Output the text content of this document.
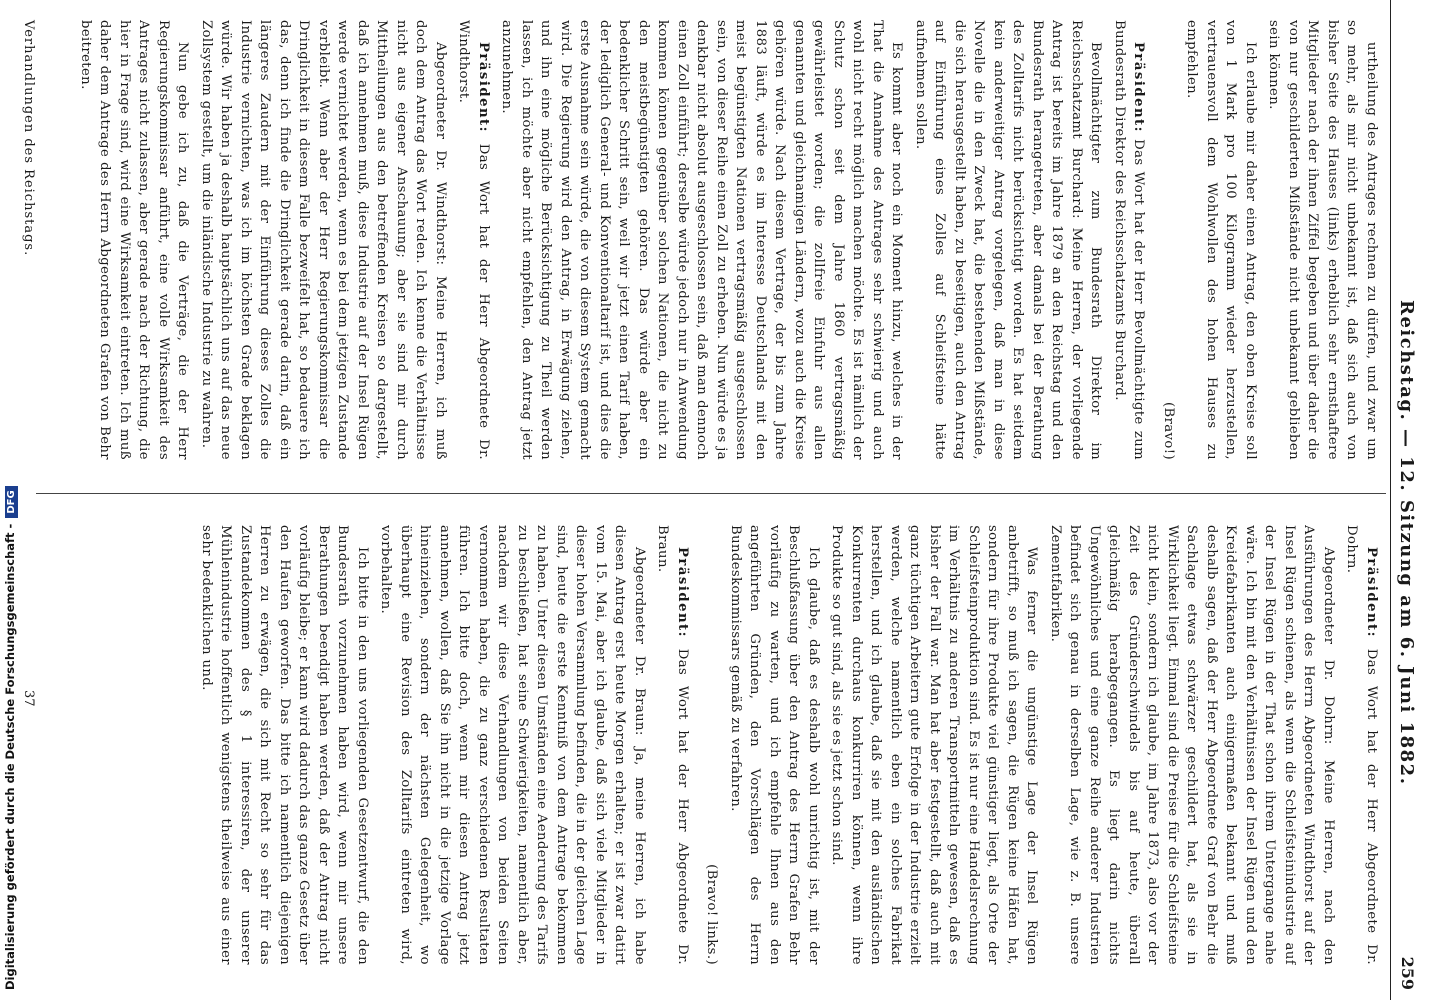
Digitalisierung gefördert durch die Deutsche Forschungsgemeinschaft -DFG	Reichstag. — 12. Sitzung am 6. Juni 1882.
259

urtheilung des Antrages rechnen zu dürfen, und zwar um so mehr, als mir nicht unbekannt ist, daß sich auch von bisher Seite des Hauses (links) erheblich sehr ernsthaftere Mitglieder nach der ihnen Ziffel begeben und über daher die von nur geschilderten Mißstände nicht unbekannt geblieben sein können.

Ich erlaube mir daher einen Antrag, den oben Kreise soll von 1 Mark pro 100 Kilogramm wieder herzustellen, vertrauensvoll dem Wohlwollen des hohen Hauses zu empfehlen.

(Bravo!)

Präsident: Das Wort hat der Herr Bevollmächtigte zum Bundesrath Direktor des Reichsschatzamts Burchard.

Bevollmächtigter zum Bundesrath Direktor im Reichsschatzamt Burchard: Meine Herren, der vorliegende Antrag ist bereits im Jahre 1879 an den Reichstag und den Bundesrath herangetreten, aber damals bei der Berathung des Zolltarifs nicht berücksichtigt worden. Es hat seitdem kein anderweitiger Antrag vorgelegen, daß man in diese Novelle die in den Zweck hat, die bestehenden Mißstände, die sich herausgestellt haben, zu beseitigen, auch den Antrag auf Einführung eines Zolles auf Schleifsteine hätte aufnehmen sollen.

Es kommt aber noch ein Moment hinzu, welches in der That die Annahme des Antrages sehr schwierig und auch wohl nicht recht möglich machen möchte. Es ist nämlich der Schutz schon seit dem Jahre 1860 vertragsmäßig gewährleistet worden; die zollfreie Einfuhr aus allen genannten und gleichnamigen Ländern, wozu auch die Kreise gehören würde. Nach diesem Vertrage, der bis zum Jahre 1883 läuft, würde es im Interesse Deutschlands mit den meist begünstigten Nationen vertragsmäßig ausgeschlossen sein, von dieser Reihe einen Zoll zu erheben. Nun würde es ja denkbar nicht absolut ausgeschlossen sein, daß man dennoch einen Zoll einführt; derselbe würde jedoch nur in Anwendung kommen können gegenüber solchen Nationen, die nicht zu den meistbegünstigten gehören. Das würde aber ein bedenklicher Schritt sein, weil wir jetzt einen Tarif haben, der lediglich General- und Konventionaltarif ist, und dies die erste Ausnahme sein würde, die von diesem System gemacht wird. Die Regierung wird den Antrag, in Erwägung ziehen, und ihn eine mögliche Berücksichtigung zu Theil werden lassen, ich möchte aber nicht empfehlen, den Antrag jetzt anzunehmen.

Präsident: Das Wort hat der Herr Abgeordnete Dr. Windthorst.

Abgeordneter Dr. Windthorst: Meine Herren, ich muß doch dem Antrag das Wort reden. Ich kenne die Verhältnisse nicht aus eigener Anschauung; aber sie sind mir durch Mittheilungen aus den betreffenden Kreisen so dargestellt, daß ich annehmen muß, diese Industrie auf der Insel Rügen werde vernichtet werden, wenn es bei dem jetzigen Zustande verbleibt. Wenn aber der Herr Regierungskommissar die Dringlichkeit in diesem Falle bezweifelt hat, so bedauere ich das, denn ich finde die Dringlichkeit gerade darin, daß ein längeres Zaudern mit der Einführung dieses Zolles die Industrie vernichten, was ich im höchsten Grade beklagen würde. Wir haben ja deshalb hauptsächlich uns auf das neue Zollsystem gestellt, um die inländische Industrie zu wahren.

Nun gebe ich zu, daß die Verträge, die der Herr Regierungskommissar anführt, eine volle Wirksamkeit des Antrages nicht zulassen, aber gerade nach der Richtung, die hier in Frage sind, wird eine Wirksamkeit eintreten. Ich muß daher dem Antrage des Herrn Abgeordneten Grafen von Behr beitreten.

Präsident: Das Wort hat der Herr Abgeordnete Dr. Dohrn.

Abgeordneter Dr. Dohrn: Meine Herren, nach den Ausführungen des Herrn Abgeordneten Windthorst auf der Insel Rügen schienen, als wenn die Schleifsteinindustrie auf der Insel Rügen in der That schon ihrem Untergange nahe wäre. Ich bin mit den Verhältnissen der Insel Rügen und den Kreidefabrikanten auch einigermaßen bekannt und muß deshalb sagen, daß der Herr Abgeordnete Graf von Behr die Sachlage etwas schwärzer geschildert hat, als sie in Wirklichkeit liegt. Einmal sind die Preise für die Schleifsteine nicht klein, sondern ich glaube, im Jahre 1873, also vor der Zeit des Gründerschwindels bis auf heute, überall gleichmäßig herabgegangen. Es liegt darin nichts Ungewöhnliches und eine ganze Reihe anderer Industrien befindet sich genau in derselben Lage, wie z. B. unsere Zementfabriken.

Was ferner die ungünstige Lage der Insel Rügen anbetrifft, so muß ich sagen, die Rügen keine Häfen hat, sondern für ihre Produkte viel günstiger liegt, als Orte der Schleifsteinproduktion sind. Es ist nur eine Handelsrechnung im Verhältnis zu anderen Transportmitteln gewesen, daß es bisher der Fall war. Man hat aber festgestellt, daß auch mit ganz tüchtigen Arbeitern gute Erfolge in der Industrie erzielt werden, welche namentlich eben ein solches Fabrikat herstellen, und ich glaube, daß sie mit den ausländischen Konkurrenten durchaus konkurriren können, wenn ihre Produkte so gut sind, als sie es jetzt schon sind.

Ich glaube, daß es deshalb wohl unrichtig ist, mit der Beschlußfassung über den Antrag des Herrn Grafen Behr vorläufig zu warten, und ich empfehle Ihnen aus den angeführten Gründen, den Vorschlägen des Herrn Bundeskommissars gemäß zu verfahren.

(Bravo! links.)

Präsident: Das Wort hat der Herr Abgeordnete Dr. Braun.

Abgeordneter Dr. Braun: Ja, meine Herren, ich habe diesen Antrag erst heute Morgen erhalten; er ist zwar datirt vom 15. Mai, aber ich glaube, daß sich viele Mitglieder in dieser hohen Versammlung befinden, die in der gleichen Lage sind, heute die erste Kenntniß von dem Antrage bekommen zu haben. Unter diesen Umständen eine Aenderung des Tarifs zu beschließen, hat seine Schwierigkeiten, namentlich aber, nachdem wir diese Verhandlungen von beiden Seiten vernommen haben, die zu ganz verschiedenen Resultaten führen. Ich bitte doch, wenn mir diesen Antrag jetzt annehmen, wollen, daß Sie ihn nicht in die jetzige Vorlage hineinziehen, sondern der nächsten Gelegenheit, wo überhaupt eine Revision des Zolltarifs eintreten wird, vorbehalten.

Ich bitte in den uns vorliegenden Gesetzentwurf, die den Bundesrath vorzunehmen haben wird, wenn mir unsere Berathungen beendigt haben werden, daß der Antrag nicht vorläufig bleibe; er kann wird dadurch das ganze Gesetz über den Haufen geworfen. Das bitte ich namentlich diejenigen Herren zu erwägen, die sich mit Recht so sehr für das Zustandekommen des § 1 interessiren, der unserer Mühlenindustrie hoffentlich wenigstens theilweise aus einer sehr bedenklichen und.

Verhandlungen des Reichstags.
37
